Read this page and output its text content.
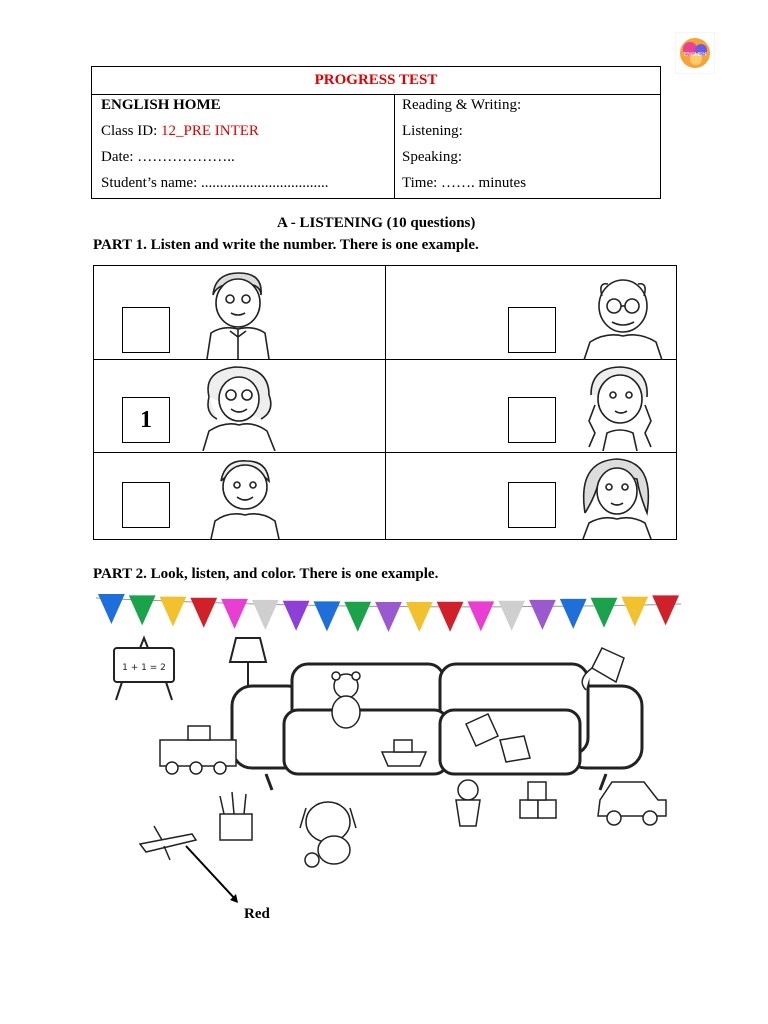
ENGLISH
PROGRESS TEST
ENGLISH HOME
Class ID: 12_PRE INTER
Date: ………………..
Student’s name: ..................................
Reading & Writing:
Listening:
Speaking:
Time: ……. minutes
A - LISTENING (10 questions)
PART 1. Listen and write the number. There is one example.
1
PART 2. Look, listen, and color. There is one example.
1 + 1 = 2
Red
